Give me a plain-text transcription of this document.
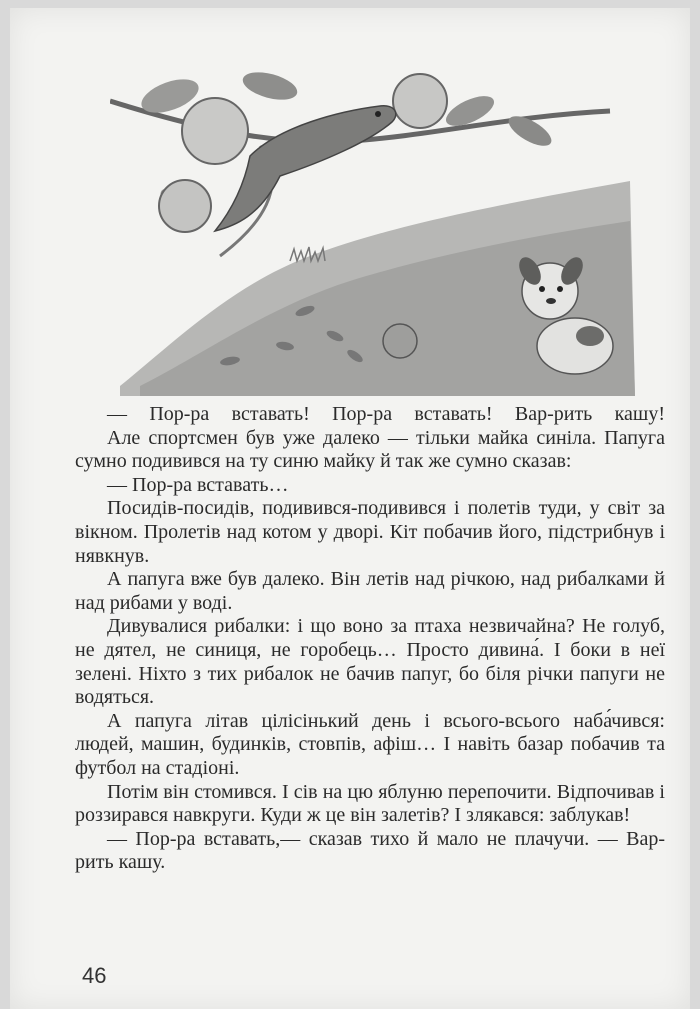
— Пор-ра вставать! Пор-ра вставать! Вар-рить кашу!

Але спортсмен був уже далеко — тільки майка синіла. Папуга сумно подивився на ту синю майку й так же сумно сказав:

— Пор-ра вставать…

Посидів-посидів, подивився-подивився і полетів туди, у світ за вікном. Пролетів над котом у дворі. Кіт побачив його, підстрибнув і нявкнув.

А папуга вже був далеко. Він летів над річкою, над рибалками й над рибами у воді.

Дивувалися рибалки: і що воно за птаха незвичайна? Не голуб, не дятел, не синиця, не горобець… Просто дивина́. І боки в неї зелені. Ніхто з тих рибалок не бачив папуг, бо біля річки папуги не водяться.

А папуга літав цілісінький день і всього-всього наба́чився: людей, машин, будинків, стовпів, афіш… І навіть базар побачив та футбол на стадіоні.

Потім він стомився. І сів на цю яблуню перепочити. Відпочивав і роззирався навкруги. Куди ж це він залетів? І злякався: заблукав!

— Пор-ра вставать,— сказав тихо й мало не плачучи. — Вар-рить кашу.

46
